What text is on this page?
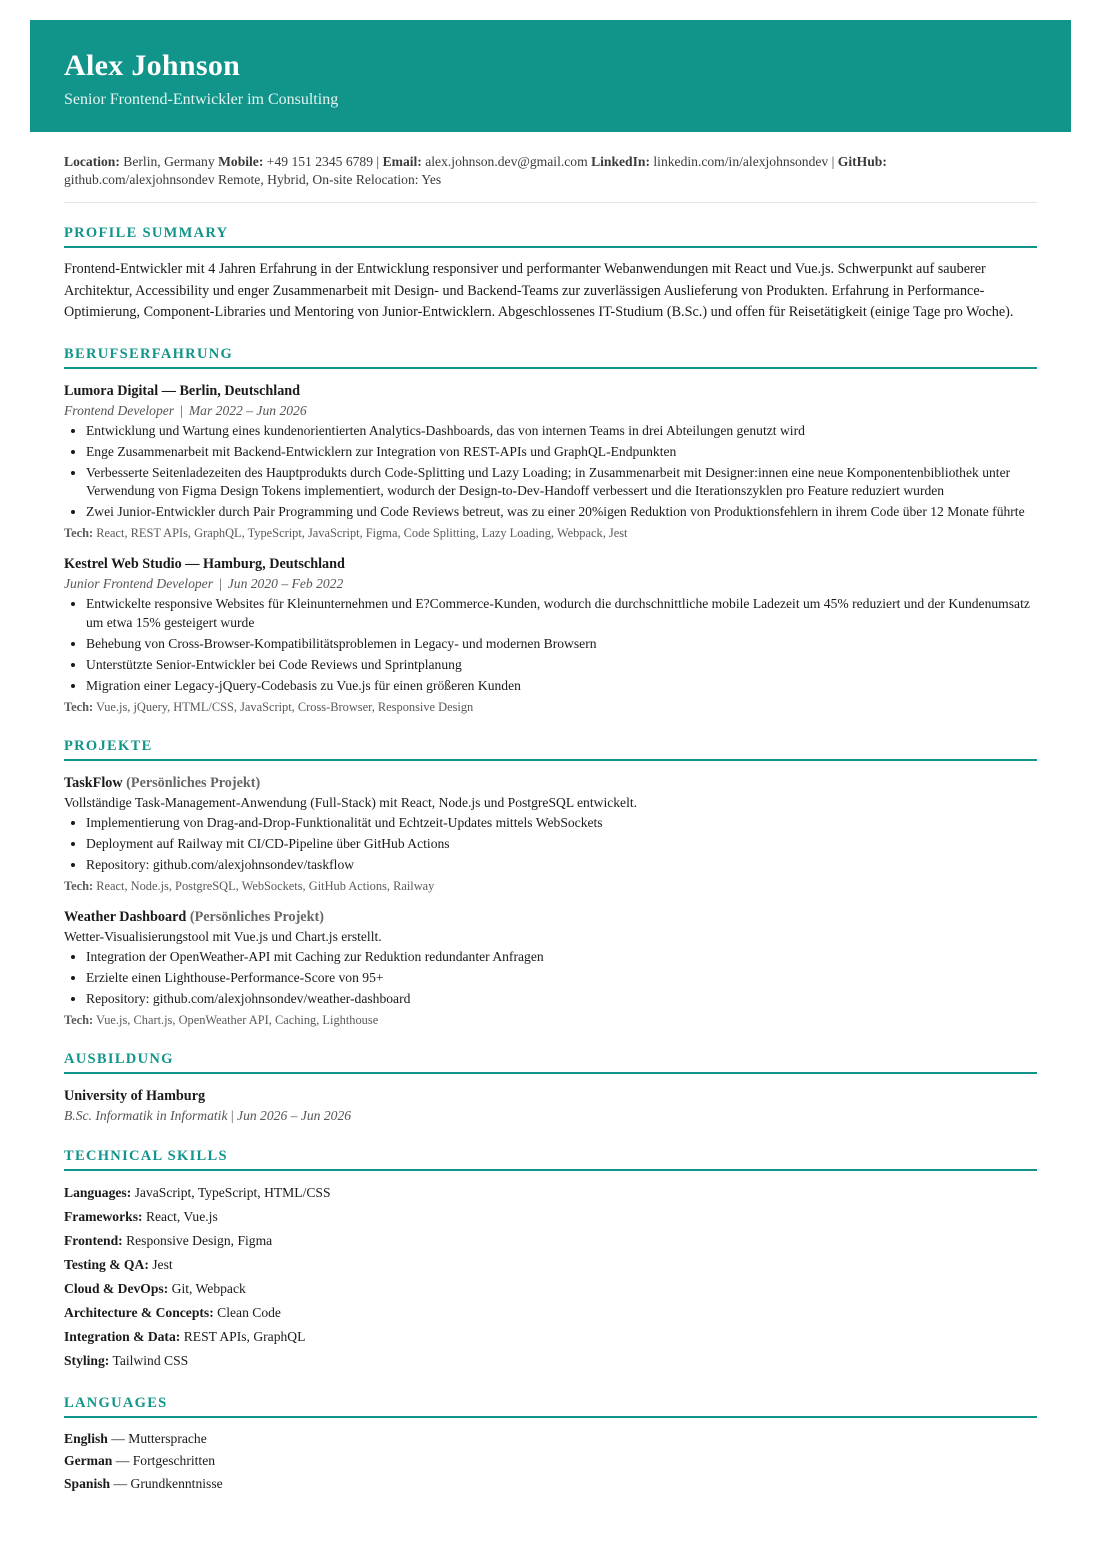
Alex Johnson
Senior Frontend-Entwickler im Consulting
Location: Berlin, Germany Mobile: +49 151 2345 6789 | Email: alex.johnson.dev@gmail.com LinkedIn: linkedin.com/in/alexjohnsondev | GitHub: github.com/alexjohnsondev Remote, Hybrid, On-site Relocation: Yes
PROFILE SUMMARY
Frontend-Entwickler mit 4 Jahren Erfahrung in der Entwicklung responsiver und performanter Webanwendungen mit React und Vue.js. Schwerpunkt auf sauberer Architektur, Accessibility und enger Zusammenarbeit mit Design- und Backend-Teams zur zuverlässigen Auslieferung von Produkten. Erfahrung in Performance-Optimierung, Component-Libraries und Mentoring von Junior-Entwicklern. Abgeschlossenes IT-Studium (B.Sc.) und offen für Reisetätigkeit (einige Tage pro Woche).
BERUFSERFAHRUNG
Lumora Digital — Berlin, Deutschland
Frontend Developer | Mar 2022 – Jun 2026
• Entwicklung und Wartung eines kundenorientierten Analytics-Dashboards, das von internen Teams in drei Abteilungen genutzt wird
• Enge Zusammenarbeit mit Backend-Entwicklern zur Integration von REST-APIs und GraphQL-Endpunkten
• Verbesserte Seitenladezeiten des Hauptprodukts durch Code-Splitting und Lazy Loading; in Zusammenarbeit mit Designer:innen eine neue Komponentenbibliothek unter Verwendung von Figma Design Tokens implementiert, wodurch der Design-to-Dev-Handoff verbessert und die Iterationszyklen pro Feature reduziert wurden
• Zwei Junior-Entwickler durch Pair Programming und Code Reviews betreut, was zu einer 20%igen Reduktion von Produktionsfehlern in ihrem Code über 12 Monate führte
Tech: React, REST APIs, GraphQL, TypeScript, JavaScript, Figma, Code Splitting, Lazy Loading, Webpack, Jest
Kestrel Web Studio — Hamburg, Deutschland
Junior Frontend Developer | Jun 2020 – Feb 2022
• Entwickelte responsive Websites für Kleinunternehmen und E?Commerce-Kunden, wodurch die durchschnittliche mobile Ladezeit um 45% reduziert und der Kundenumsatz um etwa 15% gesteigert wurde
• Behebung von Cross-Browser-Kompatibilitätsproblemen in Legacy- und modernen Browsern
• Unterstützte Senior-Entwickler bei Code Reviews und Sprintplanung
• Migration einer Legacy-jQuery-Codebasis zu Vue.js für einen größeren Kunden
Tech: Vue.js, jQuery, HTML/CSS, JavaScript, Cross-Browser, Responsive Design
PROJEKTE
TaskFlow (Persönliches Projekt)
Vollständige Task-Management-Anwendung (Full-Stack) mit React, Node.js und PostgreSQL entwickelt.
• Implementierung von Drag-and-Drop-Funktionalität und Echtzeit-Updates mittels WebSockets
• Deployment auf Railway mit CI/CD-Pipeline über GitHub Actions
• Repository: github.com/alexjohnsondev/taskflow
Tech: React, Node.js, PostgreSQL, WebSockets, GitHub Actions, Railway
Weather Dashboard (Persönliches Projekt)
Wetter-Visualisierungstool mit Vue.js und Chart.js erstellt.
• Integration der OpenWeather-API mit Caching zur Reduktion redundanter Anfragen
• Erzielte einen Lighthouse-Performance-Score von 95+
• Repository: github.com/alexjohnsondev/weather-dashboard
Tech: Vue.js, Chart.js, OpenWeather API, Caching, Lighthouse
AUSBILDUNG
University of Hamburg
B.Sc. Informatik in Informatik | Jun 2026 – Jun 2026
TECHNICAL SKILLS
Languages: JavaScript, TypeScript, HTML/CSS
Frameworks: React, Vue.js
Frontend: Responsive Design, Figma
Testing & QA: Jest
Cloud & DevOps: Git, Webpack
Architecture & Concepts: Clean Code
Integration & Data: REST APIs, GraphQL
Styling: Tailwind CSS
LANGUAGES
English — Muttersprache
German — Fortgeschritten
Spanish — Grundkenntnisse
